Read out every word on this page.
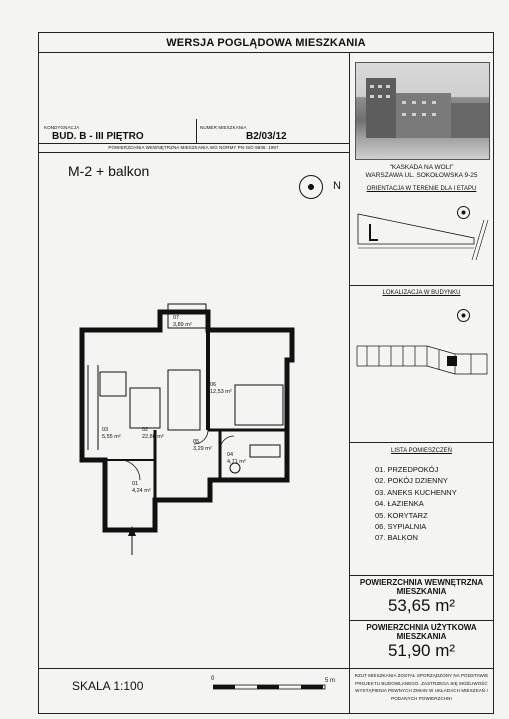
WERSJA POGLĄDOWA MIESZKANIA
KONDYGNACJA
BUD. B - III PIĘTRO
NUMER MIESZKANIA
B2/03/12
POWIERZCHNIA WEWNĘTRZNA MIESZKANIA WG NORMY PN-ISO 9836: 1997
M-2 + balkon
N
07
3,89 m²
06
12,53 m²
02
22,80 m²
03
5,55 m²
05
3,29 m²
04
4,71 m²
01
4,24 m²
SKALA 1:100	0	5 m
"KASKADA NA WOLI"
WARSZAWA UL. SOKOŁOWSKA 9-25
ORIENTACJA W TERENIE DLA I ETAPU
LOKALIZACJA W BUDYNKU
LISTA POMIESZCZEŃ
01. PRZEDPOKÓJ
02. POKÓJ DZIENNY
03. ANEKS KUCHENNY
04. ŁAZIENKA
05. KORYTARZ
06. SYPIALNIA
07. BALKON
POWIERZCHNIA WEWNĘTRZNA
MIESZKANIA
53,65 m²
POWIERZCHNIA UŻYTKOWA
MIESZKANIA
51,90 m²
RZUT MIESZKANIA ZOSTAŁ SPORZĄDZONY NA PODSTAWIE
PROJEKTU BUDOWLANEGO. ZASTRZEGA SIĘ MOŻLIWOŚĆ
WYSTĄPIENIA PEWNYCH ZMIAN W UKŁADACH MIESZKAŃ I
PODANYCH POWIERZCHNI
